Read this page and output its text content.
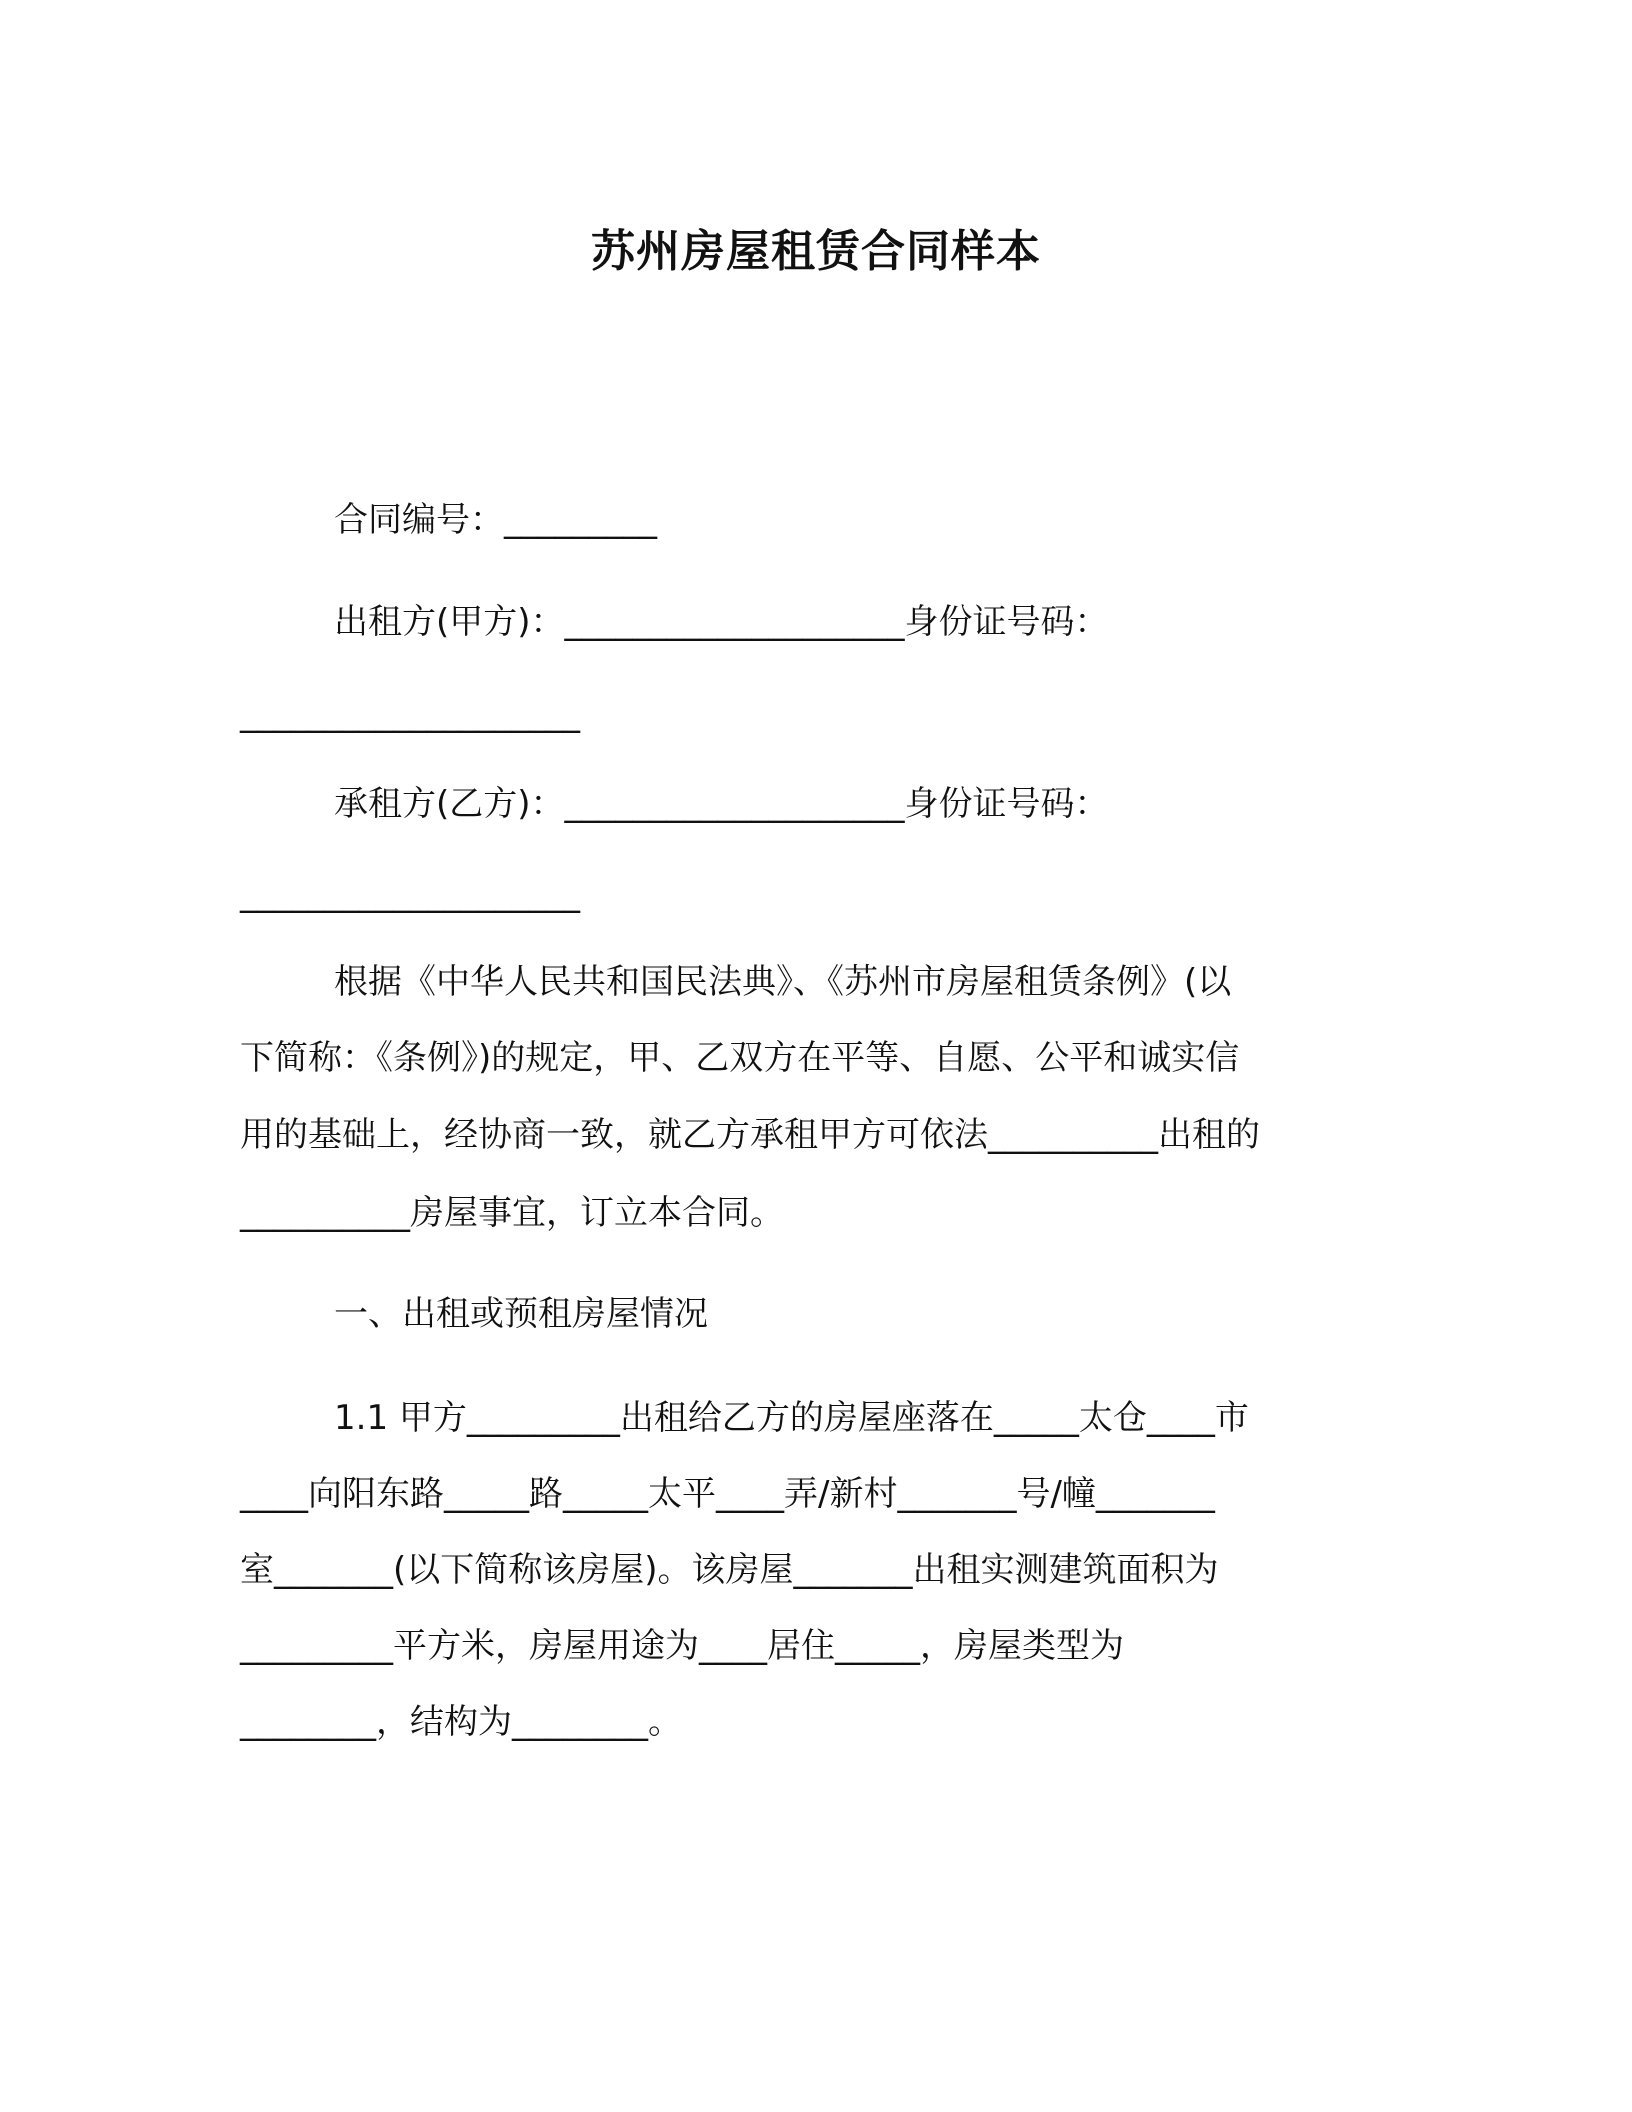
苏州房屋租赁合同样本
合同编号：_________
出租方(甲方)：____________________身份证号码：
____________________
承租方(乙方)：____________________身份证号码：
____________________
根据《中华人民共和国民法典》、《苏州市房屋租赁条例》(以
下简称：《条例》)的规定，甲、乙双方在平等、自愿、公平和诚实信
用的基础上，经协商一致，就乙方承租甲方可依法__________出租的
__________房屋事宜，订立本合同。
一、出租或预租房屋情况
1.1 甲方_________出租给乙方的房屋座落在_____太仓____市
____向阳东路_____路_____太平____弄/新村_______号/幢_______
室_______(以下简称该房屋)。该房屋_______出租实测建筑面积为
_________平方米，房屋用途为____居住_____，房屋类型为
________，结构为________。
